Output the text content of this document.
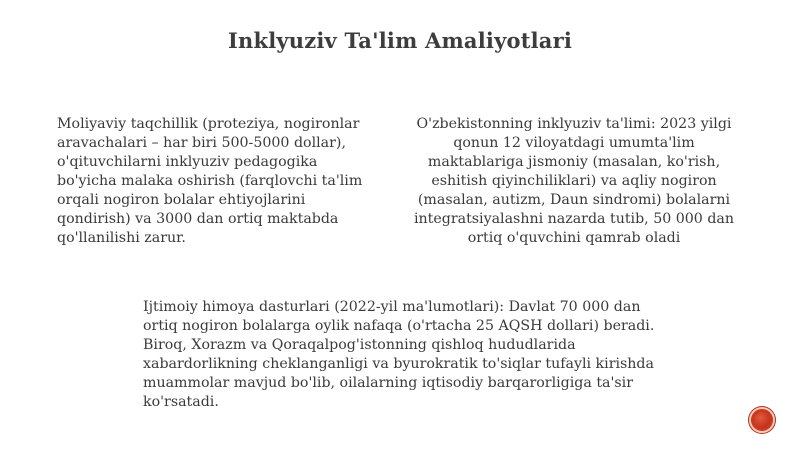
Inklyuziv Ta'lim Amaliyotlari

Moliyaviy taqchillik (proteziya, nogironlar aravachalari – har biri 500-5000 dollar), o'qituvchilarni inklyuziv pedagogika bo'yicha malaka oshirish (farqlovchi ta'lim orqali nogiron bolalar ehtiyojlarini qondirish) va 3000 dan ortiq maktabda qo'llanilishi zarur.

O'zbekistonning inklyuziv ta'limi: 2023 yilgi qonun 12 viloyatdagi umumta'lim maktablariga jismoniy (masalan, ko'rish, eshitish qiyinchiliklari) va aqliy nogiron (masalan, autizm, Daun sindromi) bolalarni integratsiyalashni nazarda tutib, 50 000 dan ortiq o'quvchini qamrab oladi

Ijtimoiy himoya dasturlari (2022-yil ma'lumotlari): Davlat 70 000 dan ortiq nogiron bolalarga oylik nafaqa (o'rtacha 25 AQSH dollari) beradi. Biroq, Xorazm va Qoraqalpog'istonning qishloq hududlarida xabardorlikning cheklanganligi va byurokratik to'siqlar tufayli kirishda muammolar mavjud bo'lib, oilalarning iqtisodiy barqarorligiga ta'sir ko'rsatadi.
